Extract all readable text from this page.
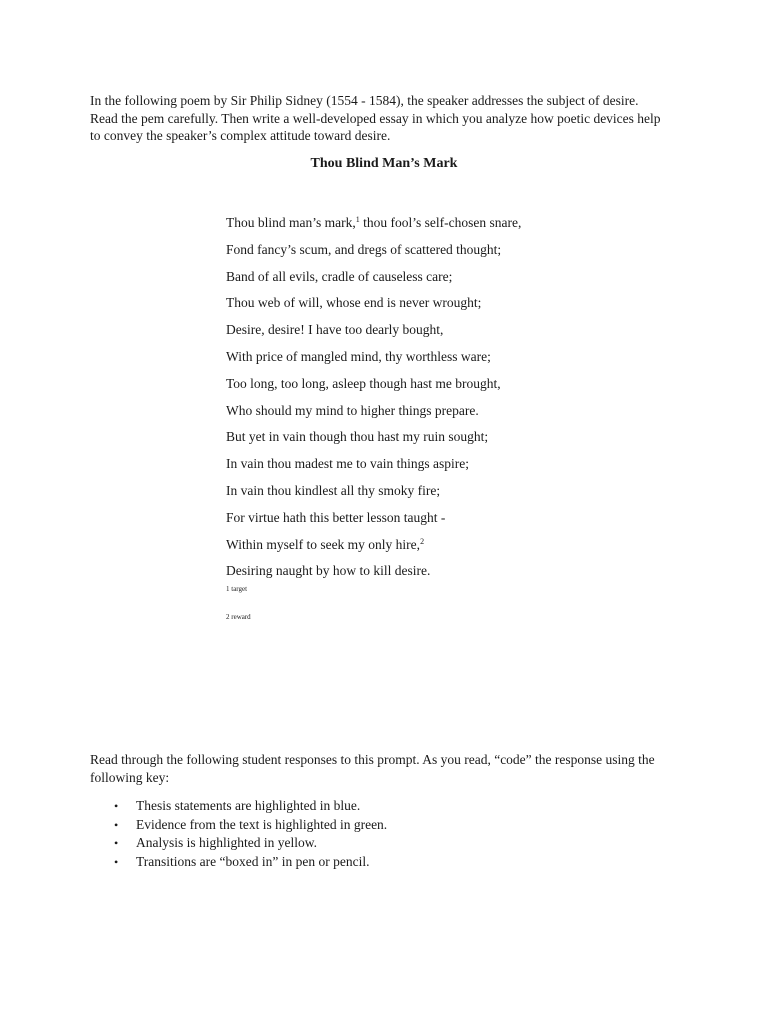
In the following poem by Sir Philip Sidney (1554 - 1584), the speaker addresses the subject of desire.
Read the pem carefully. Then write a well-developed essay in which you analyze how poetic devices help
to convey the speaker’s complex attitude toward desire.
Thou Blind Man’s Mark
Thou blind man’s mark,$^1$ thou fool’s self-chosen snare,
Fond fancy’s scum, and dregs of scattered thought;
Band of all evils, cradle of causeless care;
Thou web of will, whose end is never wrought;
Desire, desire! I have too dearly bought,
With price of mangled mind, thy worthless ware;
Too long, too long, asleep though hast me brought,
Who should my mind to higher things prepare.
But yet in vain though thou hast my ruin sought;
In vain thou madest me to vain things aspire;
In vain thou kindlest all thy smoky fire;
For virtue hath this better lesson taught -
Within myself to seek my only hire,$^2$
Desiring naught by how to kill desire.
1 target
2 reward
Read through the following student responses to this prompt. As you read, “code” the response using the
following key:
• Thesis statements are highlighted in blue.
• Evidence from the text is highlighted in green.
• Analysis is highlighted in yellow.
• Transitions are “boxed in” in pen or pencil.
